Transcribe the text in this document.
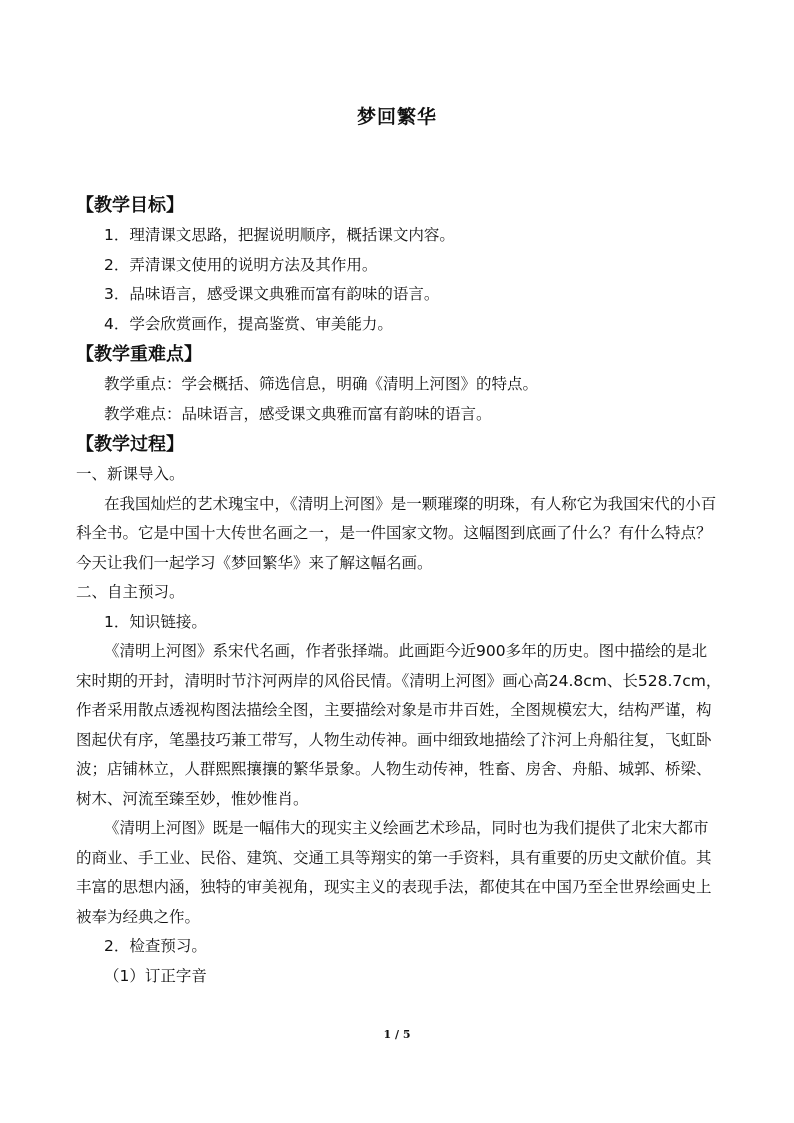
梦回繁华
【教学目标】

1．理清课文思路，把握说明顺序，概括课文内容。

2．弄清课文使用的说明方法及其作用。

3．品味语言，感受课文典雅而富有韵味的语言。

4．学会欣赏画作，提高鉴赏、审美能力。

【教学重难点】

教学重点：学会概括、筛选信息，明确《清明上河图》的特点。

教学难点：品味语言，感受课文典雅而富有韵味的语言。

【教学过程】

一、新课导入。

在我国灿烂的艺术瑰宝中，《清明上河图》是一颗璀璨的明珠，有人称它为我国宋代的小百科全书。它是中国十大传世名画之一，是一件国家文物。这幅图到底画了什么？有什么特点？今天让我们一起学习《梦回繁华》来了解这幅名画。

二、自主预习。

1．知识链接。

《清明上河图》系宋代名画，作者张择端。此画距今近900多年的历史。图中描绘的是北宋时期的开封，清明时节汴河两岸的风俗民情。《清明上河图》画心高24.8cm、长528.7cm，作者采用散点透视构图法描绘全图，主要描绘对象是市井百姓，全图规模宏大，结构严谨，构图起伏有序，笔墨技巧兼工带写，人物生动传神。画中细致地描绘了汴河上舟船往复，飞虹卧波；店铺林立，人群熙熙攘攘的繁华景象。人物生动传神，牲畜、房舍、舟船、城郭、桥梁、树木、河流至臻至妙，惟妙惟肖。

《清明上河图》既是一幅伟大的现实主义绘画艺术珍品，同时也为我们提供了北宋大都市的商业、手工业、民俗、建筑、交通工具等翔实的第一手资料，具有重要的历史文献价值。其丰富的思想内涵，独特的审美视角，现实主义的表现手法，都使其在中国乃至全世界绘画史上被奉为经典之作。

2．检查预习。

（1）订正字音

1 / 5
